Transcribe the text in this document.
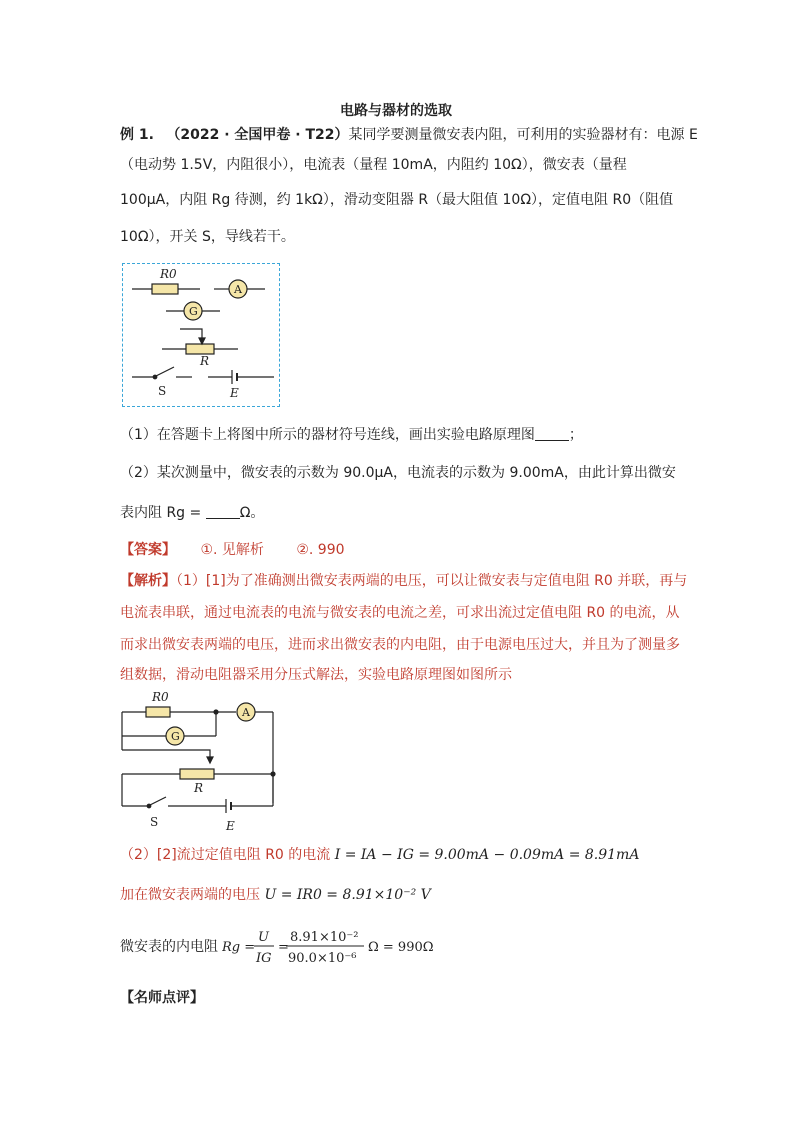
电路与器材的选取
例 1. （2022 · 全国甲卷 · T22）某同学要测量微安表内阻，可利用的实验器材有：电源 E
（电动势 1.5V，内阻很小），电流表（量程 10mA，内阻约 10Ω），微安表（量程
100μA，内阻 Rg 待测，约 1kΩ），滑动变阻器 R（最大阻值 10Ω），定值电阻 R0（阻值
10Ω），开关 S，导线若干。
R0
A
G
R
S	E
（1）在答题卡上将图中所示的器材符号连线，画出实验电路原理图 ；
（2）某次测量中，微安表的示数为 90.0μA，电流表的示数为 9.00mA，由此计算出微安
表内阻 Rg =	Ω。
【答案】 ①. 见解析 ②. 990
【解析】（1）[1]为了准确测出微安表两端的电压，可以让微安表与定值电阻 R0 并联，再与
电流表串联，通过电流表的电流与微安表的电流之差，可求出流过定值电阻 R0 的电流，从
而求出微安表两端的电压，进而求出微安表的内电阻，由于电源电压过大，并且为了测量多
组数据，滑动电阻器采用分压式解法，实验电路原理图如图所示
R0
A
G
R
S	E
（2）[2]流过定值电阻 R0 的电流 I = IA − IG = 9.00mA − 0.09mA = 8.91mA
加在微安表两端的电压 U = IR0 = 8.91×10⁻² V
微安表的内电阻 Rg =
U
IG
=
8.91×10⁻²
90.0×10⁻⁶
Ω = 990Ω
【名师点评】
